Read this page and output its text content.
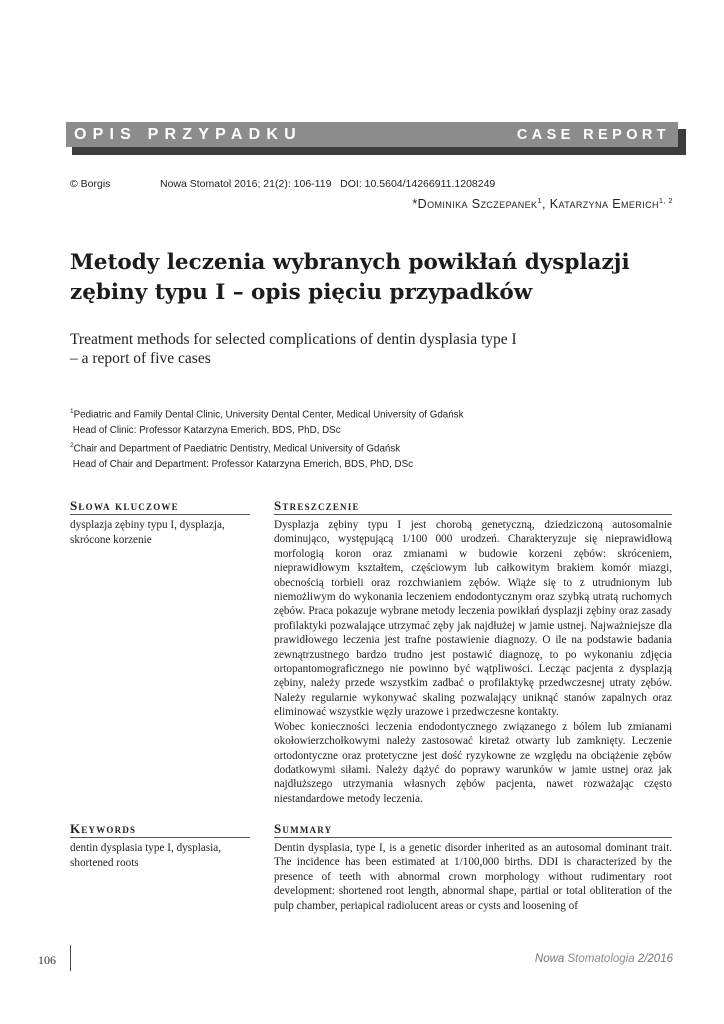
OPIS PRZYPADKU	CASE REPORT
© Borgis	Nowa Stomatol 2016; 21(2): 106-119   DOI: 10.5604/14266911.1208249
*Dominika Szczepanek$^1$, Katarzyna Emerich$^{1, 2}$
Metody leczenia wybranych powikłań dysplazji
zębiny typu I – opis pięciu przypadków
Treatment methods for selected complications of dentin dysplasia type I
– a report of five cases
$^1$Pediatric and Family Dental Clinic, University Dental Center, Medical University of Gdańsk
Head of Clinic: Professor Katarzyna Emerich, BDS, PhD, DSc
$^2$Chair and Department of Paediatric Dentistry, Medical University of Gdańsk
Head of Chair and Department: Professor Katarzyna Emerich, BDS, PhD, DSc
Słowa kluczowe
dysplazja zębiny typu I, dysplazja,
skrócone korzenie
Streszczenie

Dysplazja zębiny typu I jest chorobą genetyczną, dziedziczoną autosomalnie dominująco, występującą 1/100 000 urodzeń. Charakteryzuje się nieprawidłową morfologią koron oraz zmianami w budowie korzeni zębów: skróceniem, nieprawidłowym kształtem, częściowym lub całkowitym brakiem komór miazgi, obecnością torbieli oraz rozchwianiem zębów. Wiąże się to z utrudnionym lub niemożliwym do wykonania leczeniem endodontycznym oraz szybką utratą ruchomych zębów. Praca pokazuje wybrane metody leczenia powikłań dysplazji zębiny oraz zasady profilaktyki pozwalające utrzymać zęby jak najdłużej w jamie ustnej. Najważniejsze dla prawidłowego leczenia jest trafne postawienie diagnozy. O ile na podstawie badania zewnątrzustnego bardzo trudno jest postawić diagnozę, to po wykonaniu zdjęcia ortopantomograficznego nie powinno być wątpliwości. Lecząc pacjenta z dysplazją zębiny, należy przede wszystkim zadbać o profilaktykę przedwczesnej utraty zębów. Należy regularnie wykonywać skaling pozwalający uniknąć stanów zapalnych oraz eliminować wszystkie węzły urazowe i przedwczesne kontakty.

Wobec konieczności leczenia endodontycznego związanego z bólem lub zmianami okołowierzchołkowymi należy zastosować kiretaż otwarty lub zamknięty. Leczenie ortodontyczne oraz protetyczne jest dość ryzykowne ze względu na obciążenie zębów dodatkowymi siłami. Należy dążyć do poprawy warunków w jamie ustnej oraz jak najdłuższego utrzymania własnych zębów pacjenta, nawet rozważając często niestandardowe metody leczenia.

Keywords
dentin dysplasia type I, dysplasia,
shortened roots
Summary

Dentin dysplasia, type I, is a genetic disorder inherited as an autosomal dominant trait. The incidence has been estimated at 1/100,000 births. DDI is characterized by the presence of teeth with abnormal crown morphology without rudimentary root development: shortened root length, abnormal shape, partial or total obliteration of the pulp chamber, periapical radiolucent areas or cysts and loosening of

106	Nowa Stomatologia 2/2016
